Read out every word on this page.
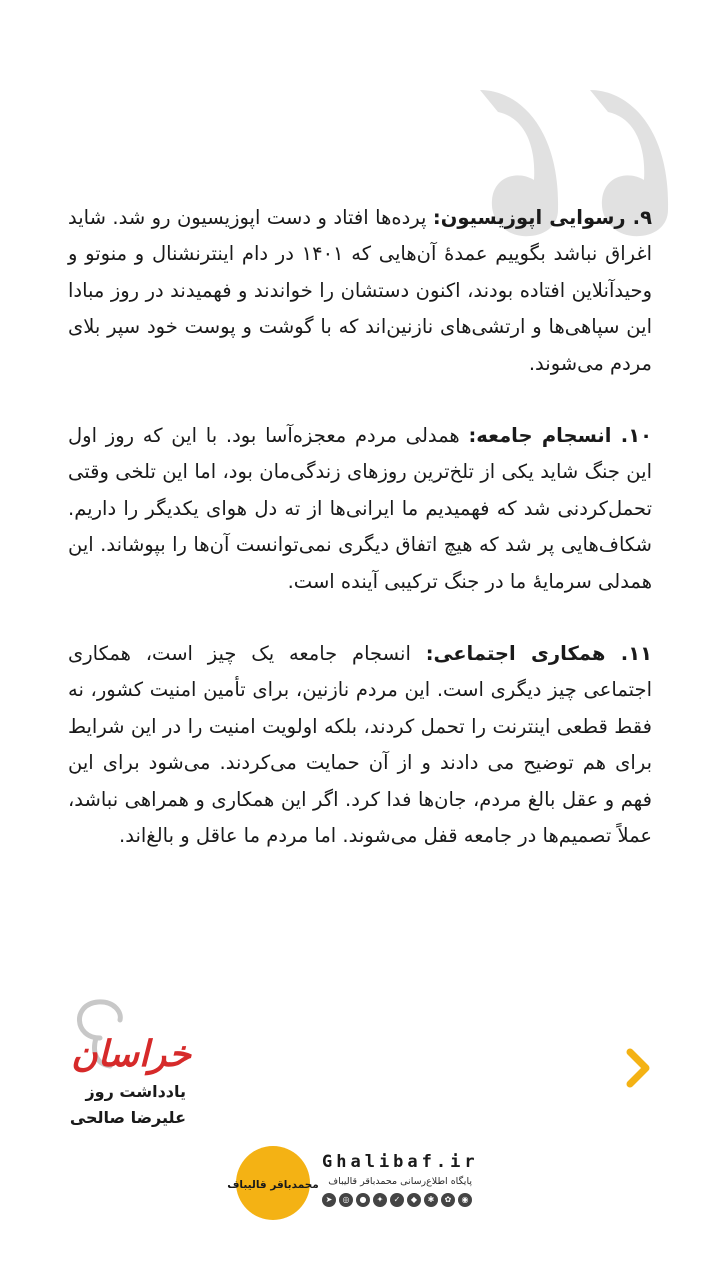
۹. رسوایی اپوزیسیون: پرده‌ها افتاد و دست اپوزیسیون رو شد. شاید اغراق نباشد بگوییم عمدهٔ آن‌هایی که ۱۴۰۱ در دام اینترنشنال و منوتو و وحیدآنلاین افتاده بودند، اکنون دستشان را خواندند و فهمیدند در روز مبادا این سپاهی‌ها و ارتشی‌های نازنین‌اند که با گوشت و پوست خود سپر بلای مردم می‌شوند.

۱۰. انسجام جامعه: همدلی مردم معجزه‌آسا بود. با این که روز اول این جنگ شاید یکی از تلخ‌ترین روزهای زندگی‌مان بود، اما این تلخی وقتی تحمل‌کردنی شد که فهمیدیم ما ایرانی‌ها از ته دل هوای یکدیگر را داریم. شکاف‌هایی پر شد که هیچ اتفاق دیگری نمی‌توانست آن‌ها را بپوشاند. این همدلی سرمایهٔ ما در جنگ ترکیبی آینده است.

۱۱. همکاری اجتماعی: انسجام جامعه یک چیز است، همکاری اجتماعی چیز دیگری است. این مردم نازنین، برای تأمین امنیت کشور، نه فقط قطعی اینترنت را تحمل کردند، بلکه اولویت امنیت را در این شرایط برای هم توضیح می دادند و از آن حمایت می‌کردند. می‌شود برای این فهم و عقل بالغ مردم، جان‌ها فدا کرد. اگر این همکاری و همراهی نباشد، عملاً تصمیم‌ها در جامعه قفل می‌شوند. اما مردم ما عاقل و بالغ‌اند.

خراسان
یادداشت روز
علیرضا صالحی
محمدباقر قالیباف
Ghalibaf.ir
پایگاه اطلاع‌رسانی محمدباقر قالیباف
➤	◎	●	✦	✓	◆	✱	✿	◉
